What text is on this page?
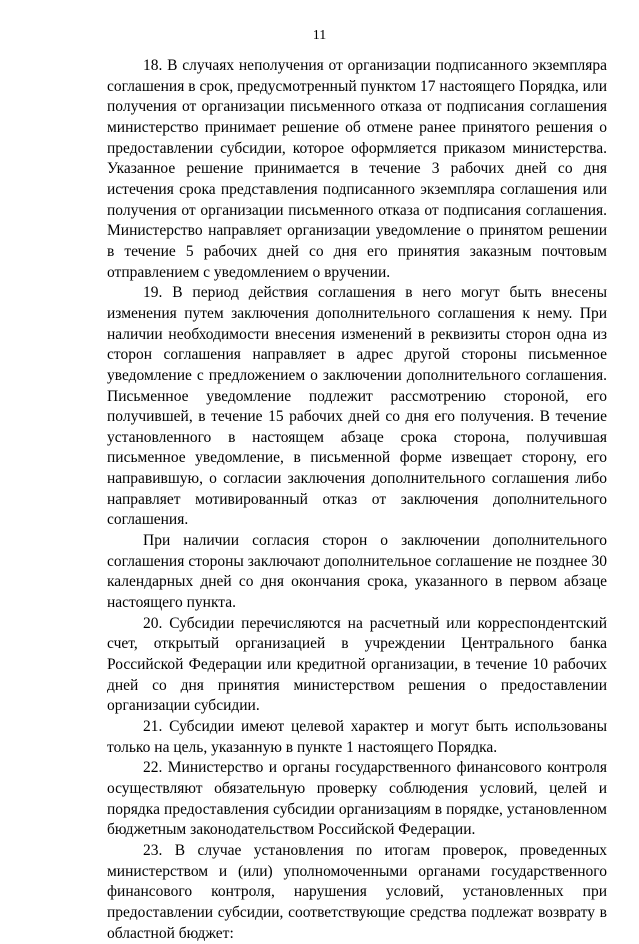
11

18. В случаях неполучения от организации подписанного экземпляра соглашения в срок, предусмотренный пунктом 17 настоящего Порядка, или получения от организации письменного отказа от подписания соглашения министерство принимает решение об отмене ранее принятого решения о предоставлении субсидии, которое оформляется приказом министерства. Указанное решение принимается в течение 3 рабочих дней со дня истечения срока представления подписанного экземпляра соглашения или получения от организации письменного отказа от подписания соглашения. Министерство направляет организации уведомление о принятом решении в течение 5 рабочих дней со дня его принятия заказным почтовым отправлением с уведомлением о вручении.

19. В период действия соглашения в него могут быть внесены изменения путем заключения дополнительного соглашения к нему. При наличии необходимости внесения изменений в реквизиты сторон одна из сторон соглашения направляет в адрес другой стороны письменное уведомление с предложением о заключении дополнительного соглашения. Письменное уведомление подлежит рассмотрению стороной, его получившей, в течение 15 рабочих дней со дня его получения. В течение установленного в настоящем абзаце срока сторона, получившая письменное уведомление, в письменной форме извещает сторону, его направившую, о согласии заключения дополнительного соглашения либо направляет мотивированный отказ от заключения дополнительного соглашения.

При наличии согласия сторон о заключении дополнительного соглашения стороны заключают дополнительное соглашение не позднее 30 календарных дней со дня окончания срока, указанного в первом абзаце настоящего пункта.

20. Субсидии перечисляются на расчетный или корреспондентский счет, открытый организацией в учреждении Центрального банка Российской Федерации или кредитной организации, в течение 10 рабочих дней со дня принятия министерством решения о предоставлении организации субсидии.

21. Субсидии имеют целевой характер и могут быть использованы только на цель, указанную в пункте 1 настоящего Порядка.

22. Министерство и органы государственного финансового контроля осуществляют обязательную проверку соблюдения условий, целей и порядка предоставления субсидии организациям в порядке, установленном бюджетным законодательством Российской Федерации.

23. В случае установления по итогам проверок, проведенных министерством и (или) уполномоченными органами государственного финансового контроля, нарушения условий, установленных при предоставлении субсидии, соответствующие средства подлежат возврату в областной бюджет:
